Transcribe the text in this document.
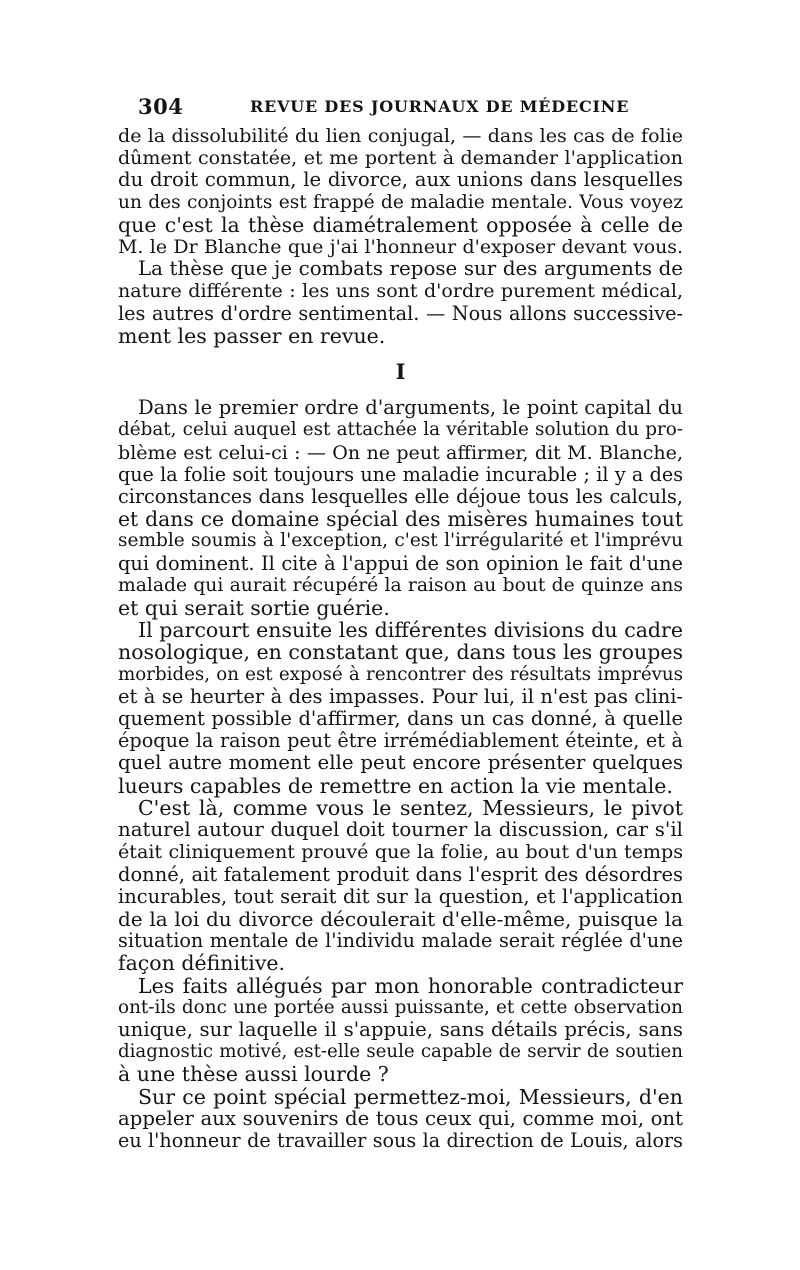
304	REVUE DES JOURNAUX DE MÉDECINE

de la dissolubilité du lien conjugal, — dans les cas de folie
dûment constatée, et me portent à demander l'application
du droit commun, le divorce, aux unions dans lesquelles
un des conjoints est frappé de maladie mentale. Vous voyez
que c'est la thèse diamétralement opposée à celle de
M. le Dr Blanche que j'ai l'honneur d'exposer devant vous.

La thèse que je combats repose sur des arguments de
nature différente : les uns sont d'ordre purement médical,
les autres d'ordre sentimental. — Nous allons successive-
ment les passer en revue.

I

Dans le premier ordre d'arguments, le point capital du
débat, celui auquel est attachée la véritable solution du pro-
blème est celui-ci : — On ne peut affirmer, dit M. Blanche,
que la folie soit toujours une maladie incurable ; il y a des
circonstances dans lesquelles elle déjoue tous les calculs,
et dans ce domaine spécial des misères humaines tout
semble soumis à l'exception, c'est l'irrégularité et l'imprévu
qui dominent. Il cite à l'appui de son opinion le fait d'une
malade qui aurait récupéré la raison au bout de quinze ans
et qui serait sortie guérie.

Il parcourt ensuite les différentes divisions du cadre
nosologique, en constatant que, dans tous les groupes
morbides, on est exposé à rencontrer des résultats imprévus
et à se heurter à des impasses. Pour lui, il n'est pas clini-
quement possible d'affirmer, dans un cas donné, à quelle
époque la raison peut être irrémédiablement éteinte, et à
quel autre moment elle peut encore présenter quelques
lueurs capables de remettre en action la vie mentale.

C'est là, comme vous le sentez, Messieurs, le pivot
naturel autour duquel doit tourner la discussion, car s'il
était cliniquement prouvé que la folie, au bout d'un temps
donné, ait fatalement produit dans l'esprit des désordres
incurables, tout serait dit sur la question, et l'application
de la loi du divorce découlerait d'elle-même, puisque la
situation mentale de l'individu malade serait réglée d'une
façon définitive.

Les faits allégués par mon honorable contradicteur
ont-ils donc une portée aussi puissante, et cette observation
unique, sur laquelle il s'appuie, sans détails précis, sans
diagnostic motivé, est-elle seule capable de servir de soutien
à une thèse aussi lourde ?

Sur ce point spécial permettez-moi, Messieurs, d'en
appeler aux souvenirs de tous ceux qui, comme moi, ont
eu l'honneur de travailler sous la direction de Louis, alors
